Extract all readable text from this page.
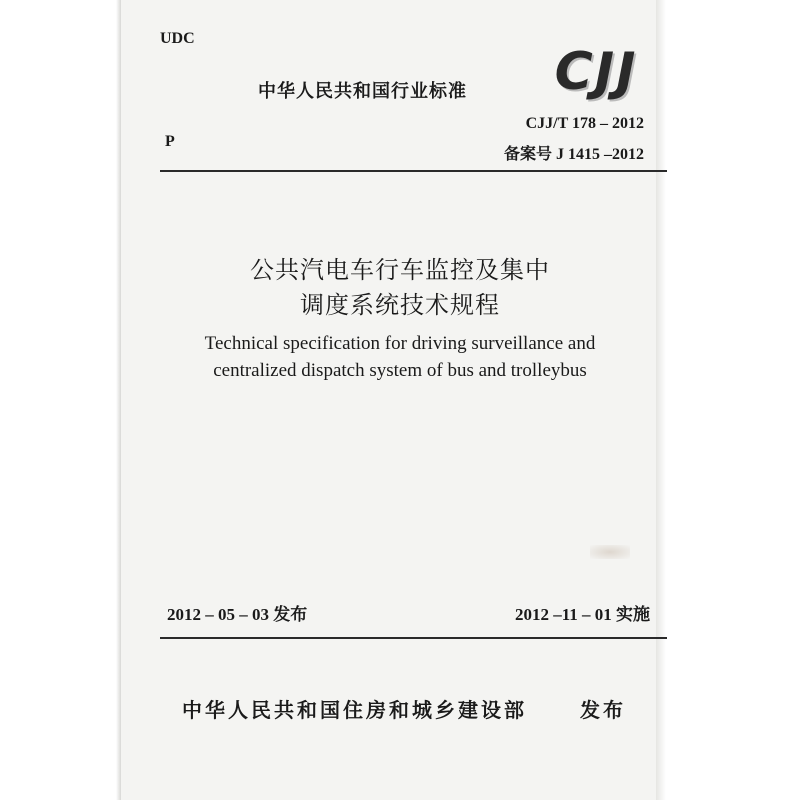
UDC
中华人民共和国行业标准 CJJ
P
CJJ/T 178 – 2012
备案号 J 1415 –2012
公共汽电车行车监控及集中
调度系统技术规程
Technical specification for driving surveillance and
centralized dispatch system of bus and trolleybus
2012 – 05 – 03 发布	2012 –11 – 01 实施
中华人民共和国住房和城乡建设部	发布
